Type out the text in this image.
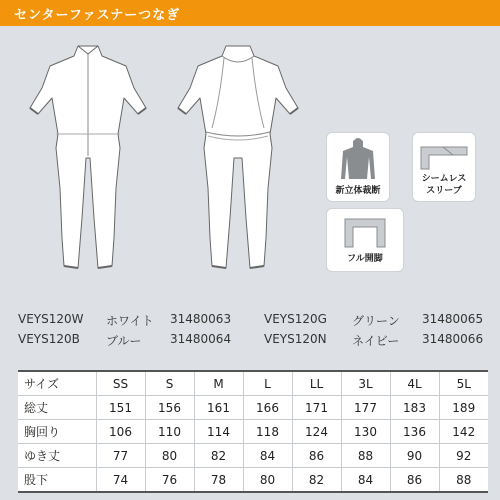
センターファスナーつなぎ
新立体裁断
シームレス
スリーブ
フル開脚
VEYS120W ホワイト 31480063
VEYS120B ブルー 31480064
VEYS120G グリーン 31480065
VEYS120N ネイビー 31480066
サイズ	SS	S	M	L	LL	3L	4L	5L
総丈	151	156	161	166	171	177	183	189
胸回り	106	110	114	118	124	130	136	142
ゆき丈	77	80	82	84	86	88	90	92
股下	74	76	78	80	82	84	86	88
